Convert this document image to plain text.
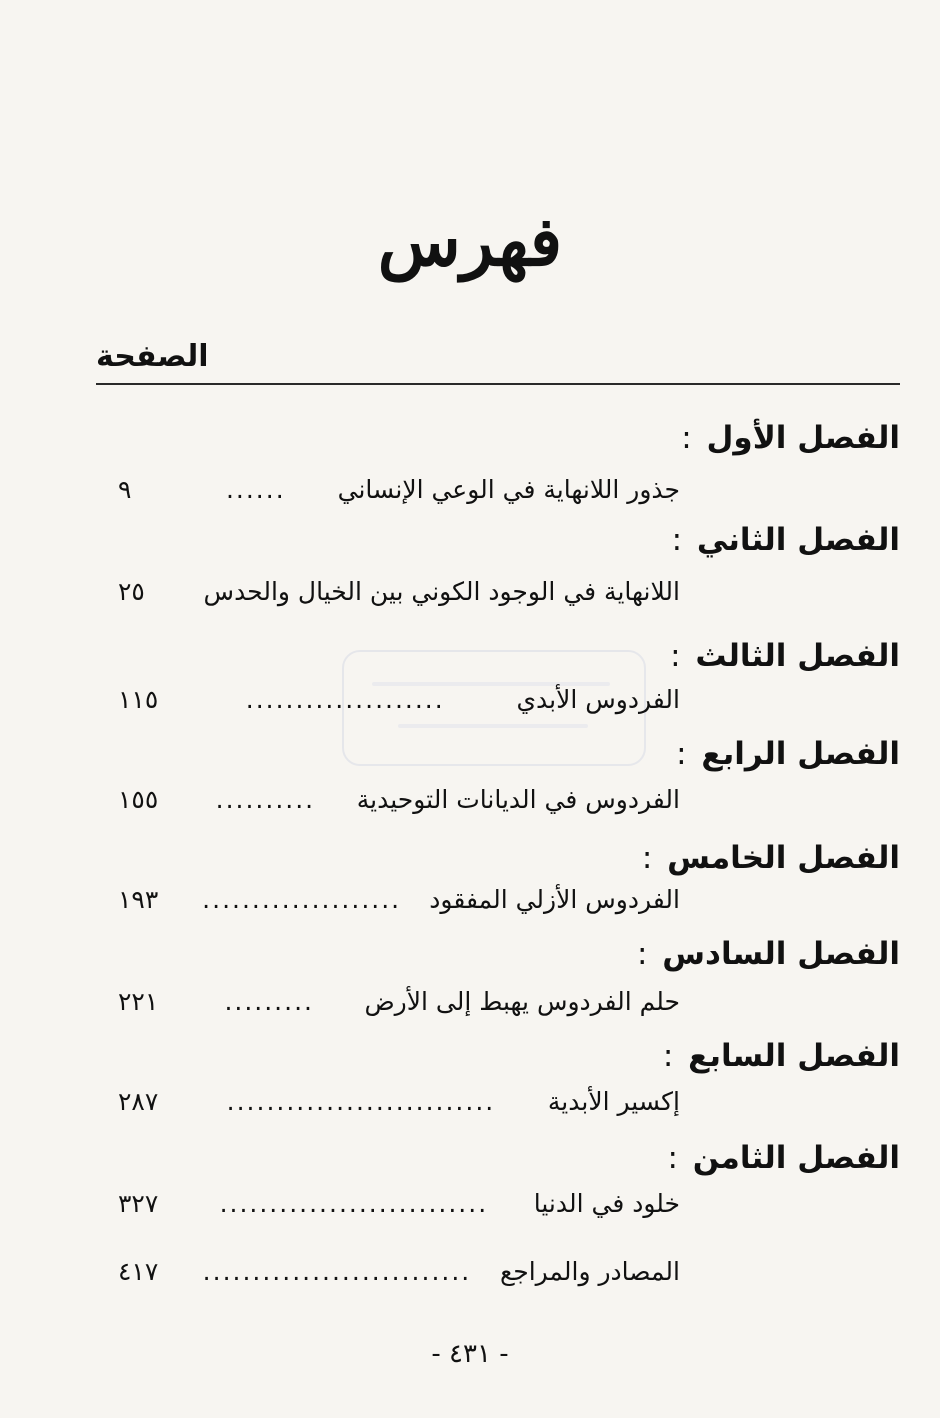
فهرس
الصفحة
الفصل الأول:
جذور اللانهاية في الوعي الإنساني
......
٩
الفصل الثاني:
اللانهاية في الوجود الكوني بين الخيال والحدس
٢٥
الفصل الثالث:
الفردوس الأبدي
....................
١١٥
الفصل الرابع:
الفردوس في الديانات التوحيدية
..........
١٥٥
الفصل الخامس:
الفردوس الأزلي المفقود
....................
١٩٣
الفصل السادس:
حلم الفردوس يهبط إلى الأرض
.........
٢٢١
الفصل السابع:
إكسير الأبدية
...........................
٢٨٧
الفصل الثامن:
خلود في الدنيا
...........................
٣٢٧
المصادر والمراجع
...........................
٤١٧
- ٤٣١ -
